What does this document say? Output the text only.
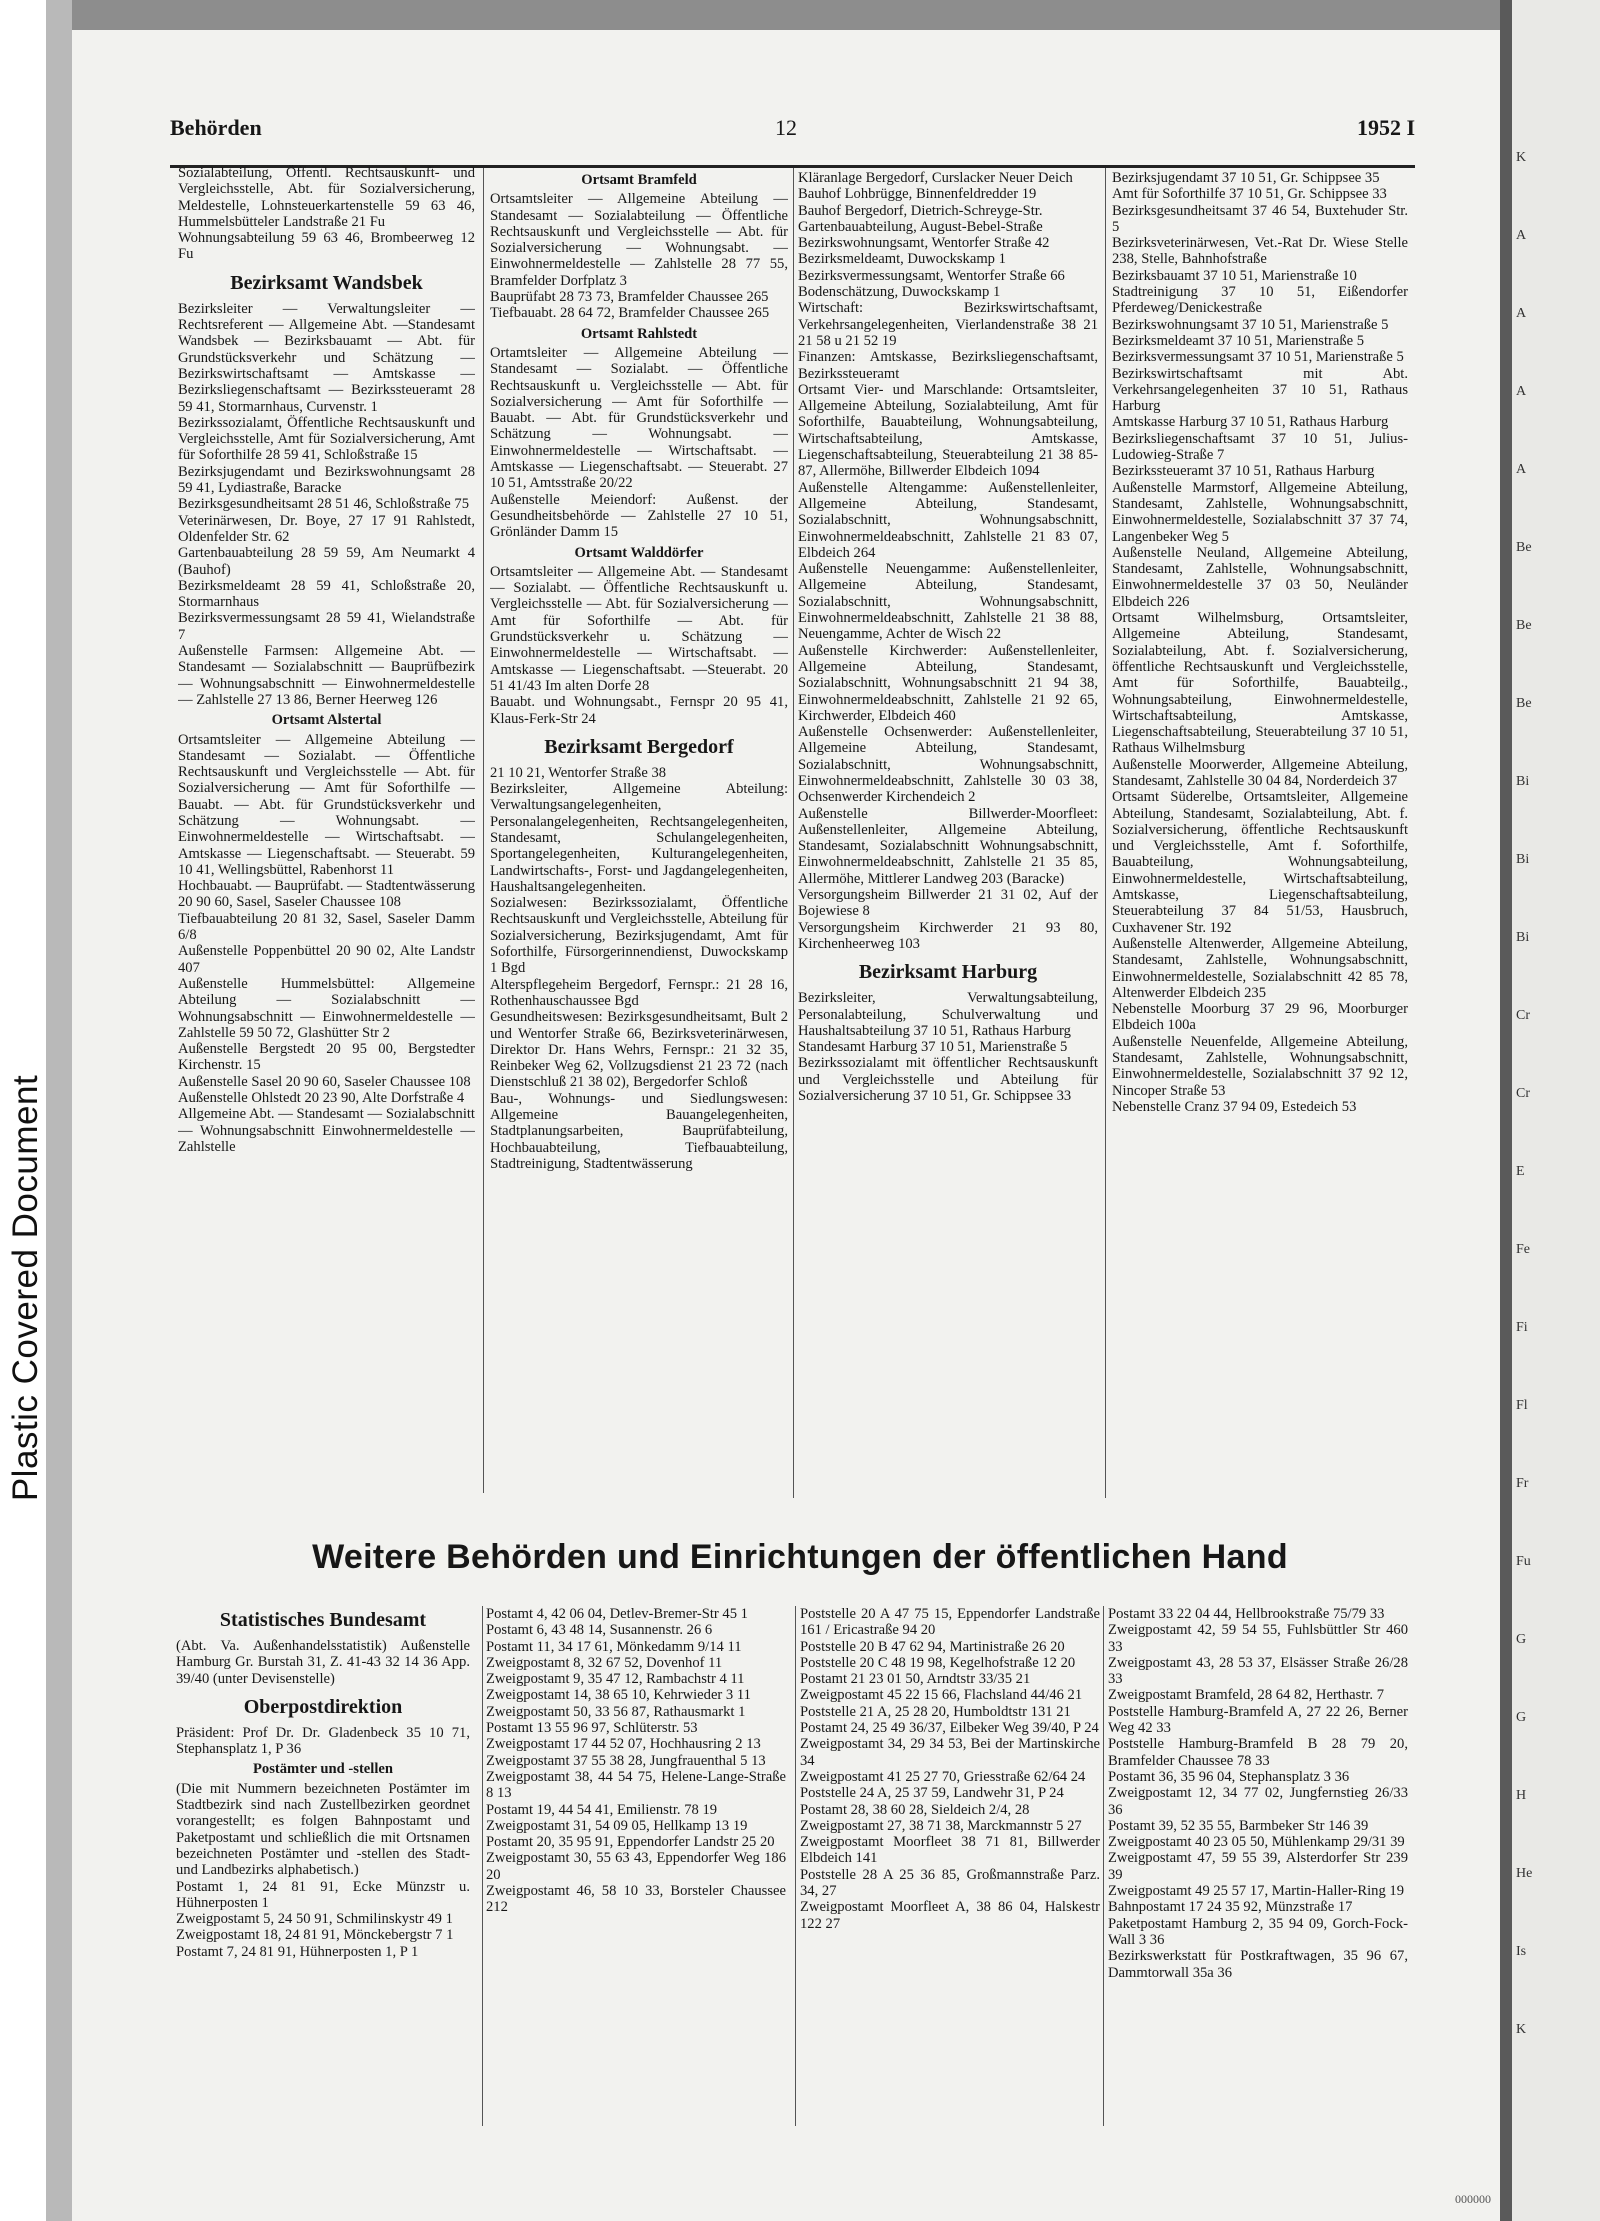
Plastic Covered Document
K
A
A
A
A
Be
Be
Be
Bi
Bi
Bi
Cr
Cr
E
Fe
Fi
Fl
Fr
Fu
G
G
H
He
Is
K
Behörden	12	1952 I

Sozialabteilung, Öffentl. Rechtsauskunft- und Vergleichsstelle, Abt. für Sozialversicherung, Meldestelle, Lohnsteuerkartenstelle 59 63 46, Hummelsbütteler Landstraße 21 Fu

Wohnungsabteilung 59 63 46, Brombeerweg 12 Fu

Bezirksamt Wandsbek

Bezirksleiter — Verwaltungsleiter — Rechtsreferent — Allgemeine Abt. —Standesamt Wandsbek — Bezirksbauamt — Abt. für Grundstücksverkehr und Schätzung — Bezirkswirtschaftsamt — Amtskasse — Bezirksliegenschaftsamt — Bezirkssteueramt 28 59 41, Stormarnhaus, Curvenstr. 1

Bezirkssozialamt, Öffentliche Rechtsauskunft und Vergleichsstelle, Amt für Sozialversicherung, Amt für Soforthilfe 28 59 41, Schloßstraße 15

Bezirksjugendamt und Bezirkswohnungsamt 28 59 41, Lydiastraße, Baracke

Bezirksgesundheitsamt 28 51 46, Schloßstraße 75

Veterinärwesen, Dr. Boye, 27 17 91 Rahlstedt, Oldenfelder Str. 62

Gartenbauabteilung 28 59 59, Am Neumarkt 4 (Bauhof)

Bezirksmeldeamt 28 59 41, Schloßstraße 20, Stormarnhaus

Bezirksvermessungsamt 28 59 41, Wielandstraße 7

Außenstelle Farmsen: Allgemeine Abt. — Standesamt — Sozialabschnitt — Bauprüfbezirk — Wohnungsabschnitt — Einwohnermeldestelle — Zahlstelle 27 13 86, Berner Heerweg 126

Ortsamt Alstertal

Ortsamtsleiter — Allgemeine Abteilung — Standesamt — Sozialabt. — Öffentliche Rechtsauskunft und Vergleichsstelle — Abt. für Sozialversicherung — Amt für Soforthilfe —Bauabt. — Abt. für Grundstücksverkehr und Schätzung — Wohnungsabt. — Einwohnermeldestelle — Wirtschaftsabt. — Amtskasse — Liegenschaftsabt. — Steuerabt. 59 10 41, Wellingsbüttel, Rabenhorst 11

Hochbauabt. — Bauprüfabt. — Stadtentwässerung 20 90 60, Sasel, Saseler Chaussee 108

Tiefbauabteilung 20 81 32, Sasel, Saseler Damm 6/8

Außenstelle Poppenbüttel 20 90 02, Alte Landstr 407

Außenstelle Hummelsbüttel: Allgemeine Abteilung — Sozialabschnitt — Wohnungsabschnitt — Einwohnermeldestelle — Zahlstelle 59 50 72, Glashütter Str 2

Außenstelle Bergstedt 20 95 00, Bergstedter Kirchenstr. 15

Außenstelle Sasel 20 90 60, Saseler Chaussee 108

Außenstelle Ohlstedt 20 23 90, Alte Dorfstraße 4

Allgemeine Abt. — Standesamt — Sozialabschnitt — Wohnungsabschnitt Einwohnermeldestelle — Zahlstelle

Ortsamt Bramfeld

Ortsamtsleiter — Allgemeine Abteilung — Standesamt — Sozialabteilung — Öffentliche Rechtsauskunft und Vergleichsstelle — Abt. für Sozialversicherung — Wohnungsabt. — Einwohnermeldestelle — Zahlstelle 28 77 55, Bramfelder Dorfplatz 3

Bauprüfabt 28 73 73, Bramfelder Chaussee 265

Tiefbauabt. 28 64 72, Bramfelder Chaussee 265

Ortsamt Rahlstedt

Ortamtsleiter — Allgemeine Abteilung — Standesamt — Sozialabt. — Öffentliche Rechtsauskunft u. Vergleichsstelle — Abt. für Sozialversicherung — Amt für Soforthilfe — Bauabt. — Abt. für Grundstücksverkehr und Schätzung — Wohnungsabt. — Einwohnermeldestelle — Wirtschaftsabt. — Amtskasse — Liegenschaftsabt. — Steuerabt. 27 10 51, Amtsstraße 20/22

Außenstelle Meiendorf: Außenst. der Gesundheitsbehörde — Zahlstelle 27 10 51, Grönländer Damm 15

Ortsamt Walddörfer

Ortsamtsleiter — Allgemeine Abt. — Standesamt — Sozialabt. — Öffentliche Rechtsauskunft u. Vergleichsstelle — Abt. für Sozialversicherung — Amt für Soforthilfe — Abt. für Grundstücksverkehr u. Schätzung — Einwohnermeldestelle — Wirtschaftsabt. — Amtskasse — Liegenschaftsabt. —Steuerabt. 20 51 41/43 Im alten Dorfe 28

Bauabt. und Wohnungsabt., Fernspr 20 95 41, Klaus-Ferk-Str 24

Bezirksamt Bergedorf

21 10 21, Wentorfer Straße 38

Bezirksleiter, Allgemeine Abteilung: Verwaltungsangelegenheiten, Personalangelegenheiten, Rechtsangelegenheiten, Standesamt, Schulangelegenheiten, Sportangelegenheiten, Kulturangelegenheiten, Landwirtschafts-, Forst- und Jagdangelegenheiten, Haushaltsangelegenheiten.

Sozialwesen: Bezirkssozialamt, Öffentliche Rechtsauskunft und Vergleichsstelle, Abteilung für Sozialversicherung, Bezirksjugendamt, Amt für Soforthilfe, Fürsorgerinnendienst, Duwockskamp 1 Bgd

Alterspflegeheim Bergedorf, Fernspr.: 21 28 16, Rothenhauschaussee Bgd

Gesundheitswesen: Bezirksgesundheitsamt, Bult 2 und Wentorfer Straße 66, Bezirksveterinärwesen, Direktor Dr. Hans Wehrs, Fernspr.: 21 32 35, Reinbeker Weg 62, Vollzugsdienst 21 23 72 (nach Dienstschluß 21 38 02), Bergedorfer Schloß

Bau-, Wohnungs- und Siedlungswesen: Allgemeine Bauangelegenheiten, Stadtplanungsarbeiten, Bauprüfabteilung, Hochbauabteilung, Tiefbauabteilung, Stadtreinigung, Stadtentwässerung

Kläranlage Bergedorf, Curslacker Neuer Deich

Bauhof Lohbrügge, Binnenfeldredder 19

Bauhof Bergedorf, Dietrich-Schreyge-Str.

Gartenbauabteilung, August-Bebel-Straße

Bezirkswohnungsamt, Wentorfer Straße 42

Bezirksmeldeamt, Duwockskamp 1

Bezirksvermessungsamt, Wentorfer Straße 66

Bodenschätzung, Duwockskamp 1

Wirtschaft: Bezirkswirtschaftsamt, Verkehrsangelegenheiten, Vierlandenstraße 38 21 21 58 u 21 52 19

Finanzen: Amtskasse, Bezirksliegenschaftsamt, Bezirkssteueramt

Ortsamt Vier- und Marschlande: Ortsamtsleiter, Allgemeine Abteilung, Sozialabteilung, Amt für Soforthilfe, Bauabteilung, Wohnungsabteilung, Wirtschaftsabteilung, Amtskasse, Liegenschaftsabteilung, Steuerabteilung 21 38 85-87, Allermöhe, Billwerder Elbdeich 1094

Außenstelle Altengamme: Außenstellenleiter, Allgemeine Abteilung, Standesamt, Sozialabschnitt, Wohnungsabschnitt, Einwohnermeldeabschnitt, Zahlstelle 21 83 07, Elbdeich 264

Außenstelle Neuengamme: Außenstellenleiter, Allgemeine Abteilung, Standesamt, Sozialabschnitt, Wohnungsabschnitt, Einwohnermeldeabschnitt, Zahlstelle 21 38 88, Neuengamme, Achter de Wisch 22

Außenstelle Kirchwerder: Außenstellenleiter, Allgemeine Abteilung, Standesamt, Sozialabschnitt, Wohnungsabschnitt 21 94 38, Einwohnermeldeabschnitt, Zahlstelle 21 92 65, Kirchwerder, Elbdeich 460

Außenstelle Ochsenwerder: Außenstellenleiter, Allgemeine Abteilung, Standesamt, Sozialabschnitt, Wohnungsabschnitt, Einwohnermeldeabschnitt, Zahlstelle 30 03 38, Ochsenwerder Kirchendeich 2

Außenstelle Billwerder-Moorfleet: Außenstellenleiter, Allgemeine Abteilung, Standesamt, Sozialabschnitt Wohnungsabschnitt, Einwohnermeldeabschnitt, Zahlstelle 21 35 85, Allermöhe, Mittlerer Landweg 203 (Baracke)

Versorgungsheim Billwerder 21 31 02, Auf der Bojewiese 8

Versorgungsheim Kirchwerder 21 93 80, Kirchenheerweg 103

Bezirksamt Harburg

Bezirksleiter, Verwaltungsabteilung, Personalabteilung, Schulverwaltung und Haushaltsabteilung 37 10 51, Rathaus Harburg

Standesamt Harburg 37 10 51, Marienstraße 5

Bezirkssozialamt mit öffentlicher Rechtsauskunft und Vergleichsstelle und Abteilung für Sozialversicherung 37 10 51, Gr. Schippsee 33

Bezirksjugendamt 37 10 51, Gr. Schippsee 35

Amt für Soforthilfe 37 10 51, Gr. Schippsee 33

Bezirksgesundheitsamt 37 46 54, Buxtehuder Str. 5

Bezirksveterinärwesen, Vet.-Rat Dr. Wiese Stelle 238, Stelle, Bahnhofstraße

Bezirksbauamt 37 10 51, Marienstraße 10

Stadtreinigung 37 10 51, Eißendorfer Pferdeweg/Denickestraße

Bezirkswohnungsamt 37 10 51, Marienstraße 5

Bezirksmeldeamt 37 10 51, Marienstraße 5

Bezirksvermessungsamt 37 10 51, Marienstraße 5

Bezirkswirtschaftsamt mit Abt. Verkehrsangelegenheiten 37 10 51, Rathaus Harburg

Amtskasse Harburg 37 10 51, Rathaus Harburg

Bezirksliegenschaftsamt 37 10 51, Julius-Ludowieg-Straße 7

Bezirkssteueramt 37 10 51, Rathaus Harburg

Außenstelle Marmstorf, Allgemeine Abteilung, Standesamt, Zahlstelle, Wohnungsabschnitt, Einwohnermeldestelle, Sozialabschnitt 37 37 74, Langenbeker Weg 5

Außenstelle Neuland, Allgemeine Abteilung, Standesamt, Zahlstelle, Wohnungsabschnitt, Einwohnermeldestelle 37 03 50, Neuländer Elbdeich 226

Ortsamt Wilhelmsburg, Ortsamtsleiter, Allgemeine Abteilung, Standesamt, Sozialabteilung, Abt. f. Sozialversicherung, öffentliche Rechtsauskunft und Vergleichsstelle, Amt für Soforthilfe, Bauabteilg., Wohnungsabteilung, Einwohnermeldestelle, Wirtschaftsabteilung, Amtskasse, Liegenschaftsabteilung, Steuerabteilung 37 10 51, Rathaus Wilhelmsburg

Außenstelle Moorwerder, Allgemeine Abteilung, Standesamt, Zahlstelle 30 04 84, Norderdeich 37

Ortsamt Süderelbe, Ortsamtsleiter, Allgemeine Abteilung, Standesamt, Sozialabteilung, Abt. f. Sozialversicherung, öffentliche Rechtsauskunft und Vergleichsstelle, Amt f. Soforthilfe, Bauabteilung, Wohnungsabteilung, Einwohnermeldestelle, Wirtschaftsabteilung, Amtskasse, Liegenschaftsabteilung, Steuerabteilung 37 84 51/53, Hausbruch, Cuxhavener Str. 192

Außenstelle Altenwerder, Allgemeine Abteilung, Standesamt, Zahlstelle, Wohnungsabschnitt, Einwohnermeldestelle, Sozialabschnitt 42 85 78, Altenwerder Elbdeich 235

Nebenstelle Moorburg 37 29 96, Moorburger Elbdeich 100a

Außenstelle Neuenfelde, Allgemeine Abteilung, Standesamt, Zahlstelle, Wohnungsabschnitt, Einwohnermeldestelle, Sozialabschnitt 37 92 12, Nincoper Straße 53

Nebenstelle Cranz 37 94 09, Estedeich 53

Weitere Behörden und Einrichtungen der öffentlichen Hand

Statistisches Bundesamt

(Abt. Va. Außenhandelsstatistik) Außenstelle Hamburg Gr. Burstah 31, Z. 41-43 32 14 36 App. 39/40 (unter Devisenstelle)

Oberpostdirektion

Präsident: Prof Dr. Dr. Gladenbeck 35 10 71, Stephansplatz 1, P 36

Postämter und -stellen

(Die mit Nummern bezeichneten Postämter im Stadtbezirk sind nach Zustellbezirken geordnet vorangestellt; es folgen Bahnpostamt und Paketpostamt und schließlich die mit Ortsnamen bezeichneten Postämter und -stellen des Stadt- und Landbezirks alphabetisch.)

Postamt 1, 24 81 91, Ecke Münzstr u. Hühnerposten 1

Zweigpostamt 5, 24 50 91, Schmilinskystr 49 1

Zweigpostamt 18, 24 81 91, Mönckebergstr 7 1

Postamt 7, 24 81 91, Hühnerposten 1, P 1

Postamt 4, 42 06 04, Detlev-Bremer-Str 45 1

Postamt 6, 43 48 14, Susannenstr. 26 6

Postamt 11, 34 17 61, Mönkedamm 9/14 11

Zweigpostamt 8, 32 67 52, Dovenhof 11

Zweigpostamt 9, 35 47 12, Rambachstr 4 11

Zweigpostamt 14, 38 65 10, Kehrwieder 3 11

Zweigpostamt 50, 33 56 87, Rathausmarkt 1

Postamt 13 55 96 97, Schlüterstr. 53

Zweigpostamt 17 44 52 07, Hochhausring 2 13

Zweigpostamt 37 55 38 28, Jungfrauenthal 5 13

Zweigpostamt 38, 44 54 75, Helene-Lange-Straße 8 13

Postamt 19, 44 54 41, Emilienstr. 78 19

Zweigpostamt 31, 54 09 05, Hellkamp 13 19

Postamt 20, 35 95 91, Eppendorfer Landstr 25 20

Zweigpostamt 30, 55 63 43, Eppendorfer Weg 186 20

Zweigpostamt 46, 58 10 33, Borsteler Chaussee 212

Poststelle 20 A 47 75 15, Eppendorfer Landstraße 161 / Ericastraße 94 20

Poststelle 20 B 47 62 94, Martinistraße 26 20

Poststelle 20 C 48 19 98, Kegelhofstraße 12 20

Postamt 21 23 01 50, Arndtstr 33/35 21

Zweigpostamt 45 22 15 66, Flachsland 44/46 21

Poststelle 21 A, 25 28 20, Humboldtstr 131 21

Postamt 24, 25 49 36/37, Eilbeker Weg 39/40, P 24

Zweigpostamt 34, 29 34 53, Bei der Martinskirche 34

Zweigpostamt 41 25 27 70, Griesstraße 62/64 24

Poststelle 24 A, 25 37 59, Landwehr 31, P 24

Postamt 28, 38 60 28, Sieldeich 2/4, 28

Zweigpostamt 27, 38 71 38, Marckmannstr 5 27

Zweigpostamt Moorfleet 38 71 81, Billwerder Elbdeich 141

Poststelle 28 A 25 36 85, Großmannstraße Parz. 34, 27

Zweigpostamt Moorfleet A, 38 86 04, Halskestr 122 27

Postamt 33 22 04 44, Hellbrookstraße 75/79 33

Zweigpostamt 42, 59 54 55, Fuhlsbüttler Str 460 33

Zweigpostamt 43, 28 53 37, Elsässer Straße 26/28 33

Zweigpostamt Bramfeld, 28 64 82, Herthastr. 7

Poststelle Hamburg-Bramfeld A, 27 22 26, Berner Weg 42 33

Poststelle Hamburg-Bramfeld B 28 79 20, Bramfelder Chaussee 78 33

Postamt 36, 35 96 04, Stephansplatz 3 36

Zweigpostamt 12, 34 77 02, Jungfernstieg 26/33 36

Postamt 39, 52 35 55, Barmbeker Str 146 39

Zweigpostamt 40 23 05 50, Mühlenkamp 29/31 39

Zweigpostamt 47, 59 55 39, Alsterdorfer Str 239 39

Zweigpostamt 49 25 57 17, Martin-Haller-Ring 19

Bahnpostamt 17 24 35 92, Münzstraße 17

Paketpostamt Hamburg 2, 35 94 09, Gorch-Fock-Wall 3 36

Bezirkswerkstatt für Postkraftwagen, 35 96 67, Dammtorwall 35a 36

000000
